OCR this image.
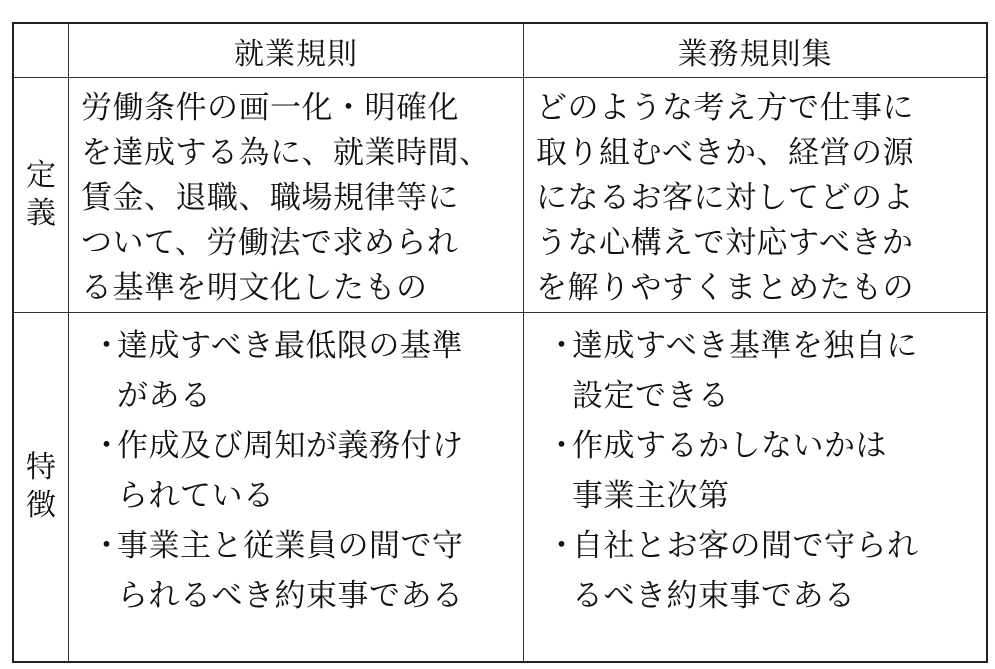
就業規則	業務規則集
定
義
労働条件の画一化・明確化
を達成する為に、就業時間、
賃金、退職、職場規律等に
ついて、労働法で求められ
る基準を明文化したもの
どのような考え方で仕事に
取り組むべきか、経営の源
になるお客に対してどのよ
うな心構えで対応すべきか
を解りやすくまとめたもの
特
徴
・
達成すべき最低限の基準
がある
・
作成及び周知が義務付け
られている
・
事業主と従業員の間で守
られるべき約束事である
・
達成すべき基準を独自に
設定できる
・
作成するかしないかは
事業主次第
・
自社とお客の間で守られ
るべき約束事である
